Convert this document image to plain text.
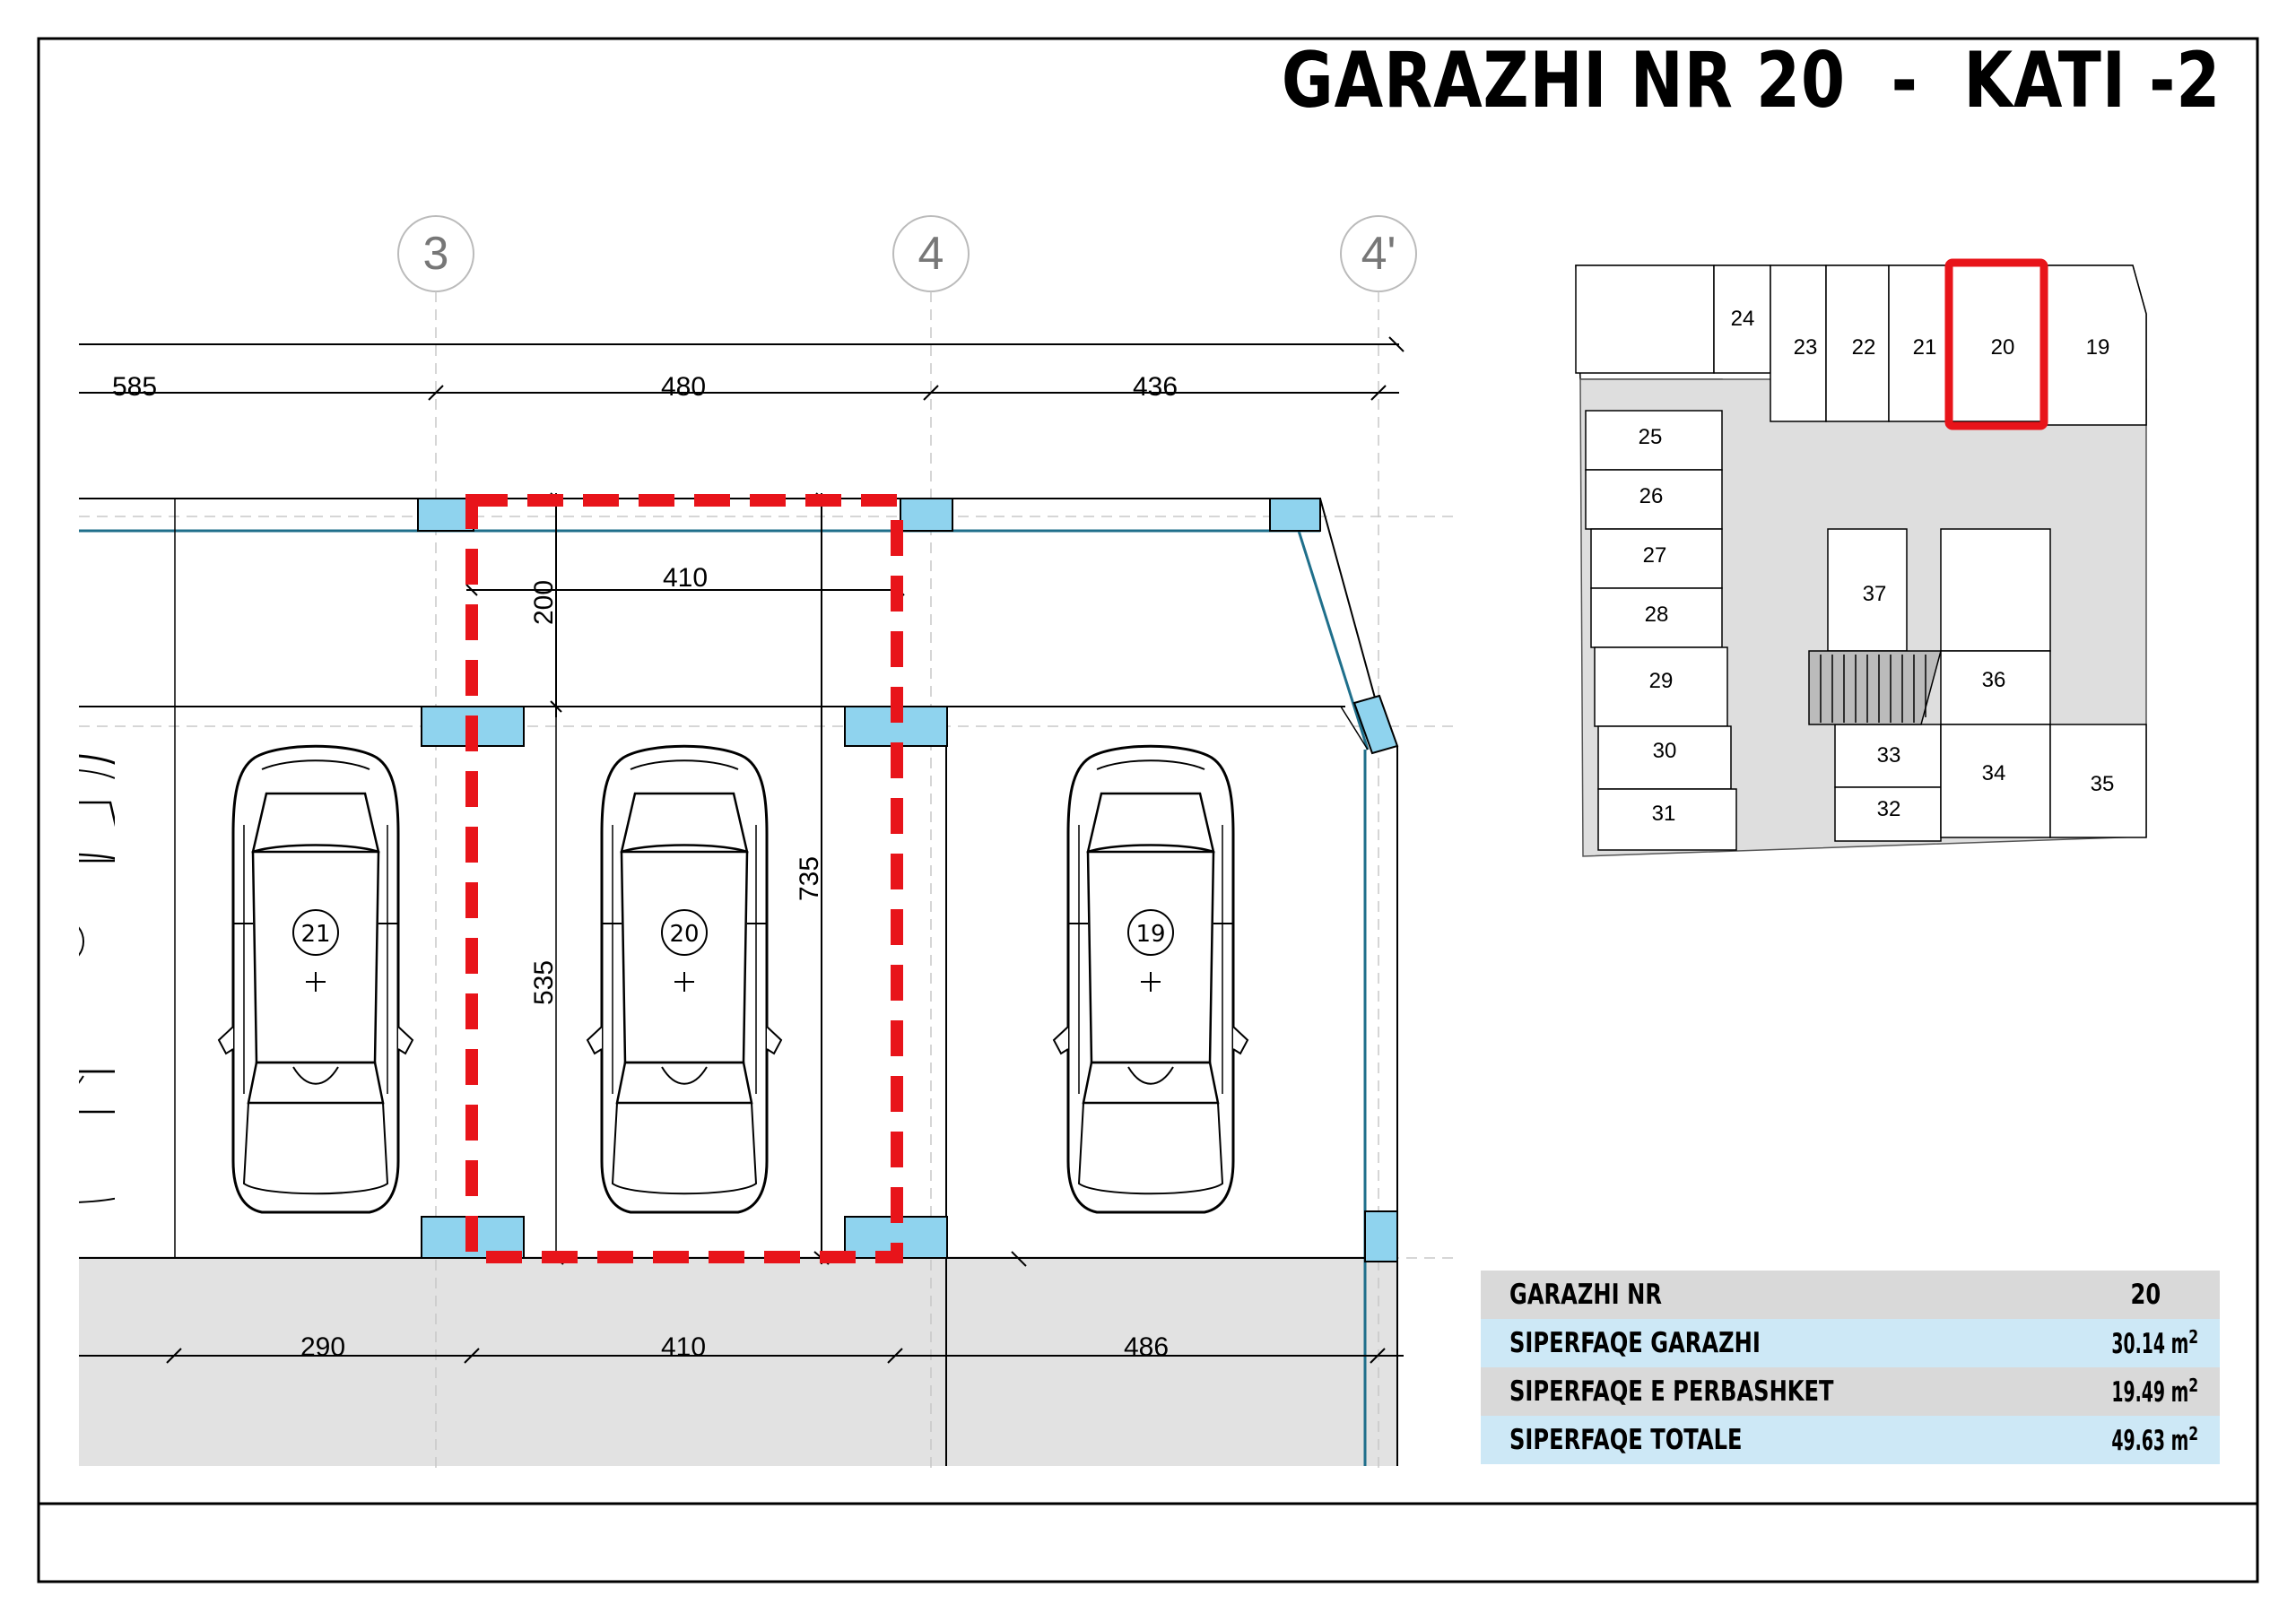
3	4	4'
585	480	436
21	20	19
410
200
535
735
290	410	486
24
23 22 21	20	19
25
26
27
28
29
30
31
37
36
33
32
34	35
GARAZHI NR 20  -  KATI -2
GARAZHI NR	20
SIPERFAQE GARAZHI	30.14 $m^2$
SIPERFAQE E PERBASHKET	19.49 $m^2$
SIPERFAQE TOTALE	49.63 $m^2$
